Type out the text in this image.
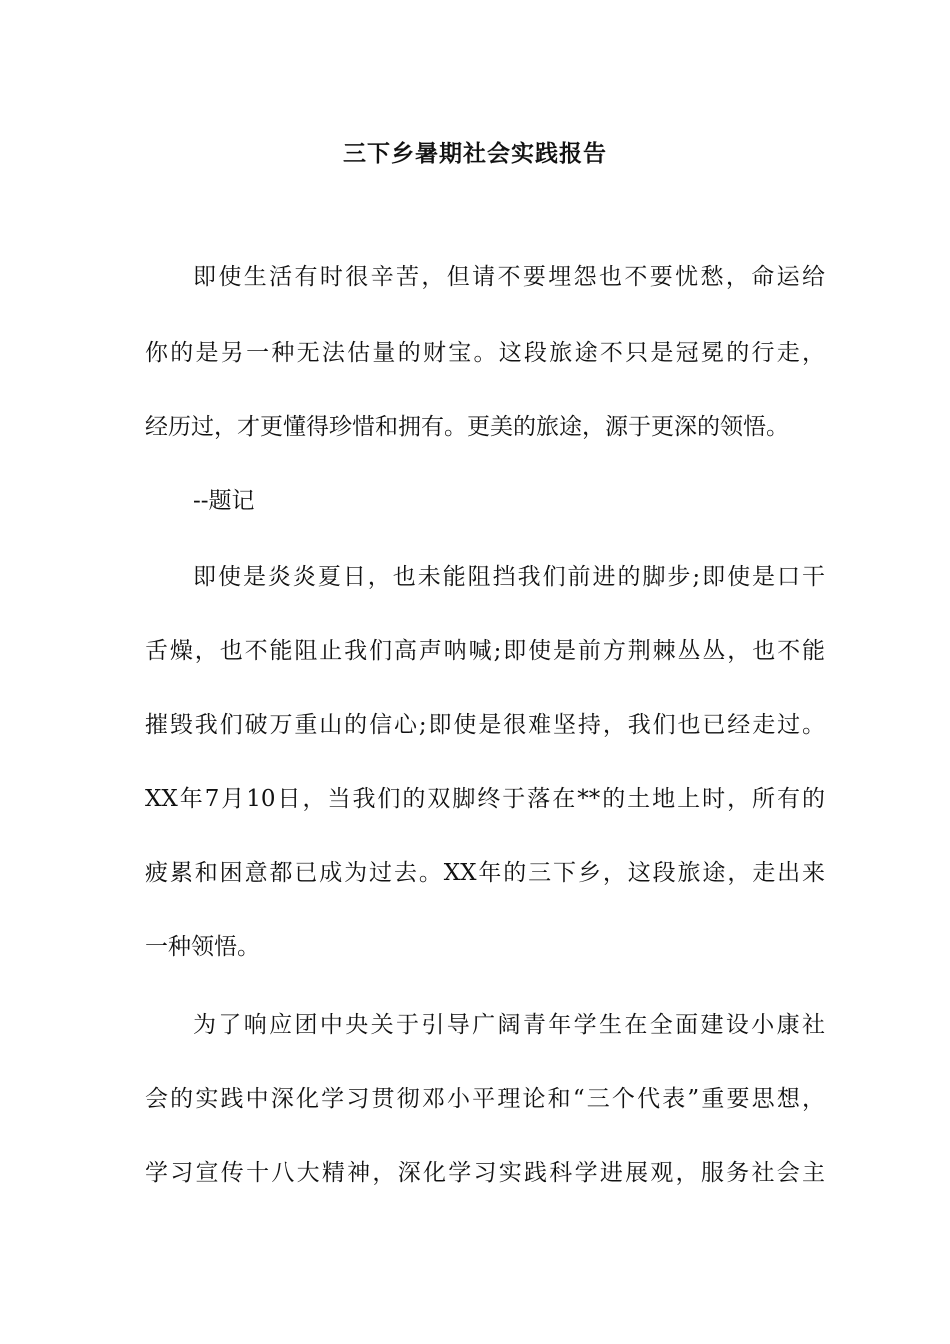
三下乡暑期社会实践报告
即使生活有时很辛苦，但请不要埋怨也不要忧愁，命运给
你的是另一种无法估量的财宝。这段旅途不只是冠冕的行走，
经历过，才更懂得珍惜和拥有。更美的旅途，源于更深的领悟。
--题记
即使是炎炎夏日，也未能阻挡我们前进的脚步;即使是口干
舌燥，也不能阻止我们高声呐喊;即使是前方荆棘丛丛，也不能
摧毁我们破万重山的信心;即使是很难坚持，我们也已经走过。
XX年7月10日，当我们的双脚终于落在**的土地上时，所有的
疲累和困意都已成为过去。XX年的三下乡，这段旅途，走出来
一种领悟。
为了响应团中央关于引导广阔青年学生在全面建设小康社
会的实践中深化学习贯彻邓小平理论和“三个代表”重要思想，
学习宣传十八大精神，深化学习实践科学进展观，服务社会主
